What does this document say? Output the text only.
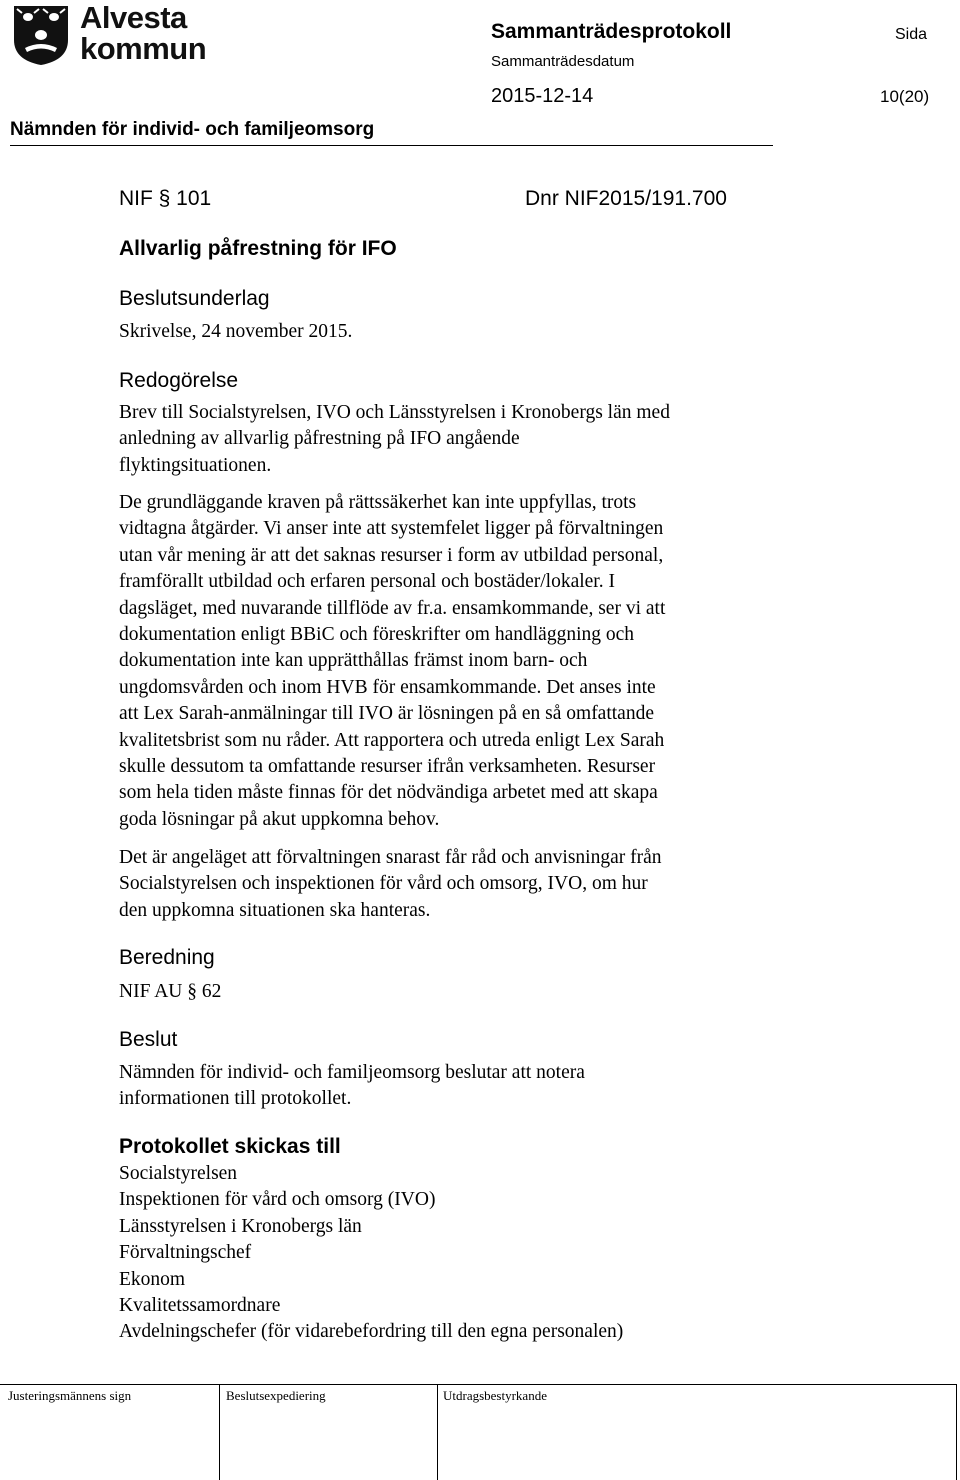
Alvesta
kommun	Sammanträdesprotokoll
Sammanträdesdatum
Sida
2015-12-14	10(20)
Nämnden för individ- och familjeomsorg
NIF § 101	Dnr NIF2015/191.700
Allvarlig påfrestning för IFO
Beslutsunderlag
Skrivelse, 24 november 2015.
Redogörelse
Brev till Socialstyrelsen, IVO och Länsstyrelsen i Kronobergs län med
anledning av allvarlig påfrestning på IFO angående
flyktingsituationen.
De grundläggande kraven på rättssäkerhet kan inte uppfyllas, trots
vidtagna åtgärder. Vi anser inte att systemfelet ligger på förvaltningen
utan vår mening är att det saknas resurser i form av utbildad personal,
framförallt utbildad och erfaren personal och bostäder/lokaler. I
dagsläget, med nuvarande tillflöde av fr.a. ensamkommande, ser vi att
dokumentation enligt BBiC och föreskrifter om handläggning och
dokumentation inte kan upprätthållas främst inom barn- och
ungdomsvården och inom HVB för ensamkommande. Det anses inte
att Lex Sarah-anmälningar till IVO är lösningen på en så omfattande
kvalitetsbrist som nu råder. Att rapportera och utreda enligt Lex Sarah
skulle dessutom ta omfattande resurser ifrån verksamheten. Resurser
som hela tiden måste finnas för det nödvändiga arbetet med att skapa
goda lösningar på akut uppkomna behov.
Det är angeläget att förvaltningen snarast får råd och anvisningar från
Socialstyrelsen och inspektionen för vård och omsorg, IVO, om hur
den uppkomna situationen ska hanteras.
Beredning
NIF AU § 62
Beslut
Nämnden för individ- och familjeomsorg beslutar att notera
informationen till protokollet.
Protokollet skickas till
Socialstyrelsen
Inspektionen för vård och omsorg (IVO)
Länsstyrelsen i Kronobergs län
Förvaltningschef
Ekonom
Kvalitetssamordnare
Avdelningschefer (för vidarebefordring till den egna personalen)
Justeringsmännens sign	Beslutsexpediering	Utdragsbestyrkande
